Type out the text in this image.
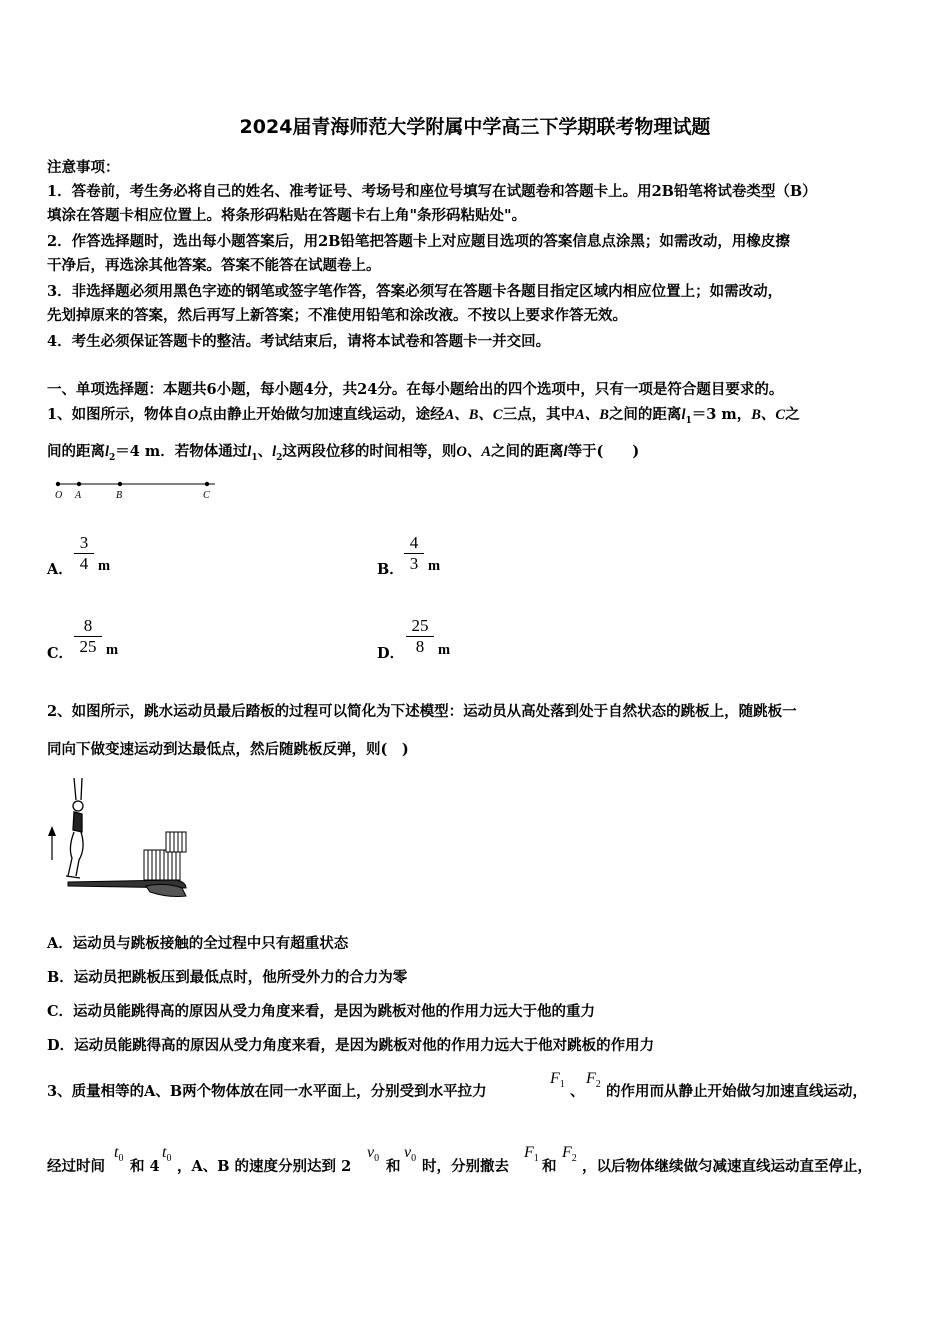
2024届青海师范大学附属中学高三下学期联考物理试题
注意事项：
1．答卷前，考生务必将自己的姓名、准考证号、考场号和座位号填写在试题卷和答题卡上。用2B铅笔将试卷类型（B）
填涂在答题卡相应位置上。将条形码粘贴在答题卡右上角"条形码粘贴处"。
2．作答选择题时，选出每小题答案后，用2B铅笔把答题卡上对应题目选项的答案信息点涂黑；如需改动，用橡皮擦
干净后，再选涂其他答案。答案不能答在试题卷上。
3．非选择题必须用黑色字迹的钢笔或签字笔作答，答案必须写在答题卡各题目指定区域内相应位置上；如需改动，
先划掉原来的答案，然后再写上新答案；不准使用铅笔和涂改液。不按以上要求作答无效。
4．考生必须保证答题卡的整洁。考试结束后，请将本试卷和答题卡一并交回。
一、单项选择题：本题共6小题，每小题4分，共24分。在每小题给出的四个选项中，只有一项是符合题目要求的。
1、如图所示，物体自O点由静止开始做匀加速直线运动，途经A、B、C三点，其中A、B之间的距离$l_1=3$ m，B、C之
间的距离$l_2=4$ m．若物体通过$l_1$、$l_2$这两段位移的时间相等，则O、A之间的距离l等于(　　)
O A	B	C
A．
3
4 m	B．
4
3 m
C．
8
25 m	D．
25
8 m
2、如图所示，跳水运动员最后踏板的过程可以简化为下述模型：运动员从高处落到处于自然状态的跳板上，随跳板一
同向下做变速运动到达最低点，然后随跳板反弹，则(　)
A．运动员与跳板接触的全过程中只有超重状态
B．运动员把跳板压到最低点时，他所受外力的合力为零
C．运动员能跳得高的原因从受力角度来看，是因为跳板对他的作用力远大于他的重力
D．运动员能跳得高的原因从受力角度来看，是因为跳板对他的作用力远大于他对跳板的作用力
3、质量相等的A、B两个物体放在同一水平面上，分别受到水平拉力
$F_1$ 、
$F_2$ 的作用而从静止开始做匀加速直线运动，
经过时间
$t_0$ 和 4
$t_0$ ，A、B 的速度分别达到 2
$v_0$ 和
$v_0$ 时，分别撤去
$F_1$ 和
$F_2$ ，以后物体继续做匀减速直线运动直至停止，
